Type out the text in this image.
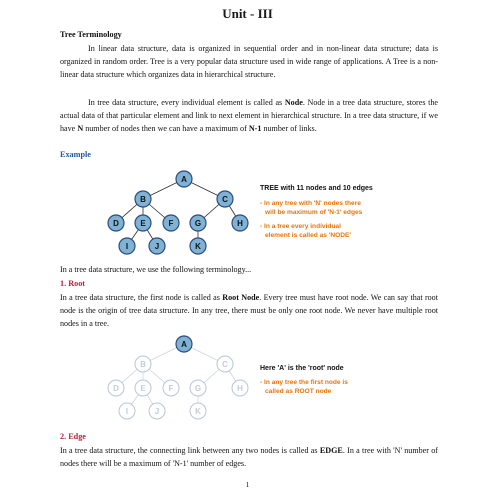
Unit - III
Tree Terminology

In linear data structure, data is organized in sequential order and in non-linear data structure; data is organized in random order. Tree is a very popular data structure used in wide range of applications. A Tree is a non-linear data structure which organizes data in hierarchical structure.

In tree data structure, every individual element is called as Node. Node in a tree data structure, stores the actual data of that particular element and link to next element in hierarchical structure. In a tree data structure, if we have N number of nodes then we can have a maximum of N-1 number of links.

Example
A
B	C
D	E	F	G	H
I	J	K
TREE with 11 nodes and 10 edges
- In any tree with 'N' nodes there
will be maximum of 'N-1' edges
- In a tree every individual
element is called as 'NODE'
In a tree data structure, we use the following terminology...
1. Root

In a tree data structure, the first node is called as Root Node. Every tree must have root node. We can say that root node is the origin of tree data structure. In any tree, there must be only one root node. We never have multiple root nodes in a tree.

B	C
D	E	F	G	H
I	J	K
A
Here 'A' is the 'root' node
- In any tree the first node is
called as ROOT node
2. Edge

In a tree data structure, the connecting link between any two nodes is called as EDGE. In a tree with 'N' number of nodes there will be a maximum of 'N-1' number of edges.

1
